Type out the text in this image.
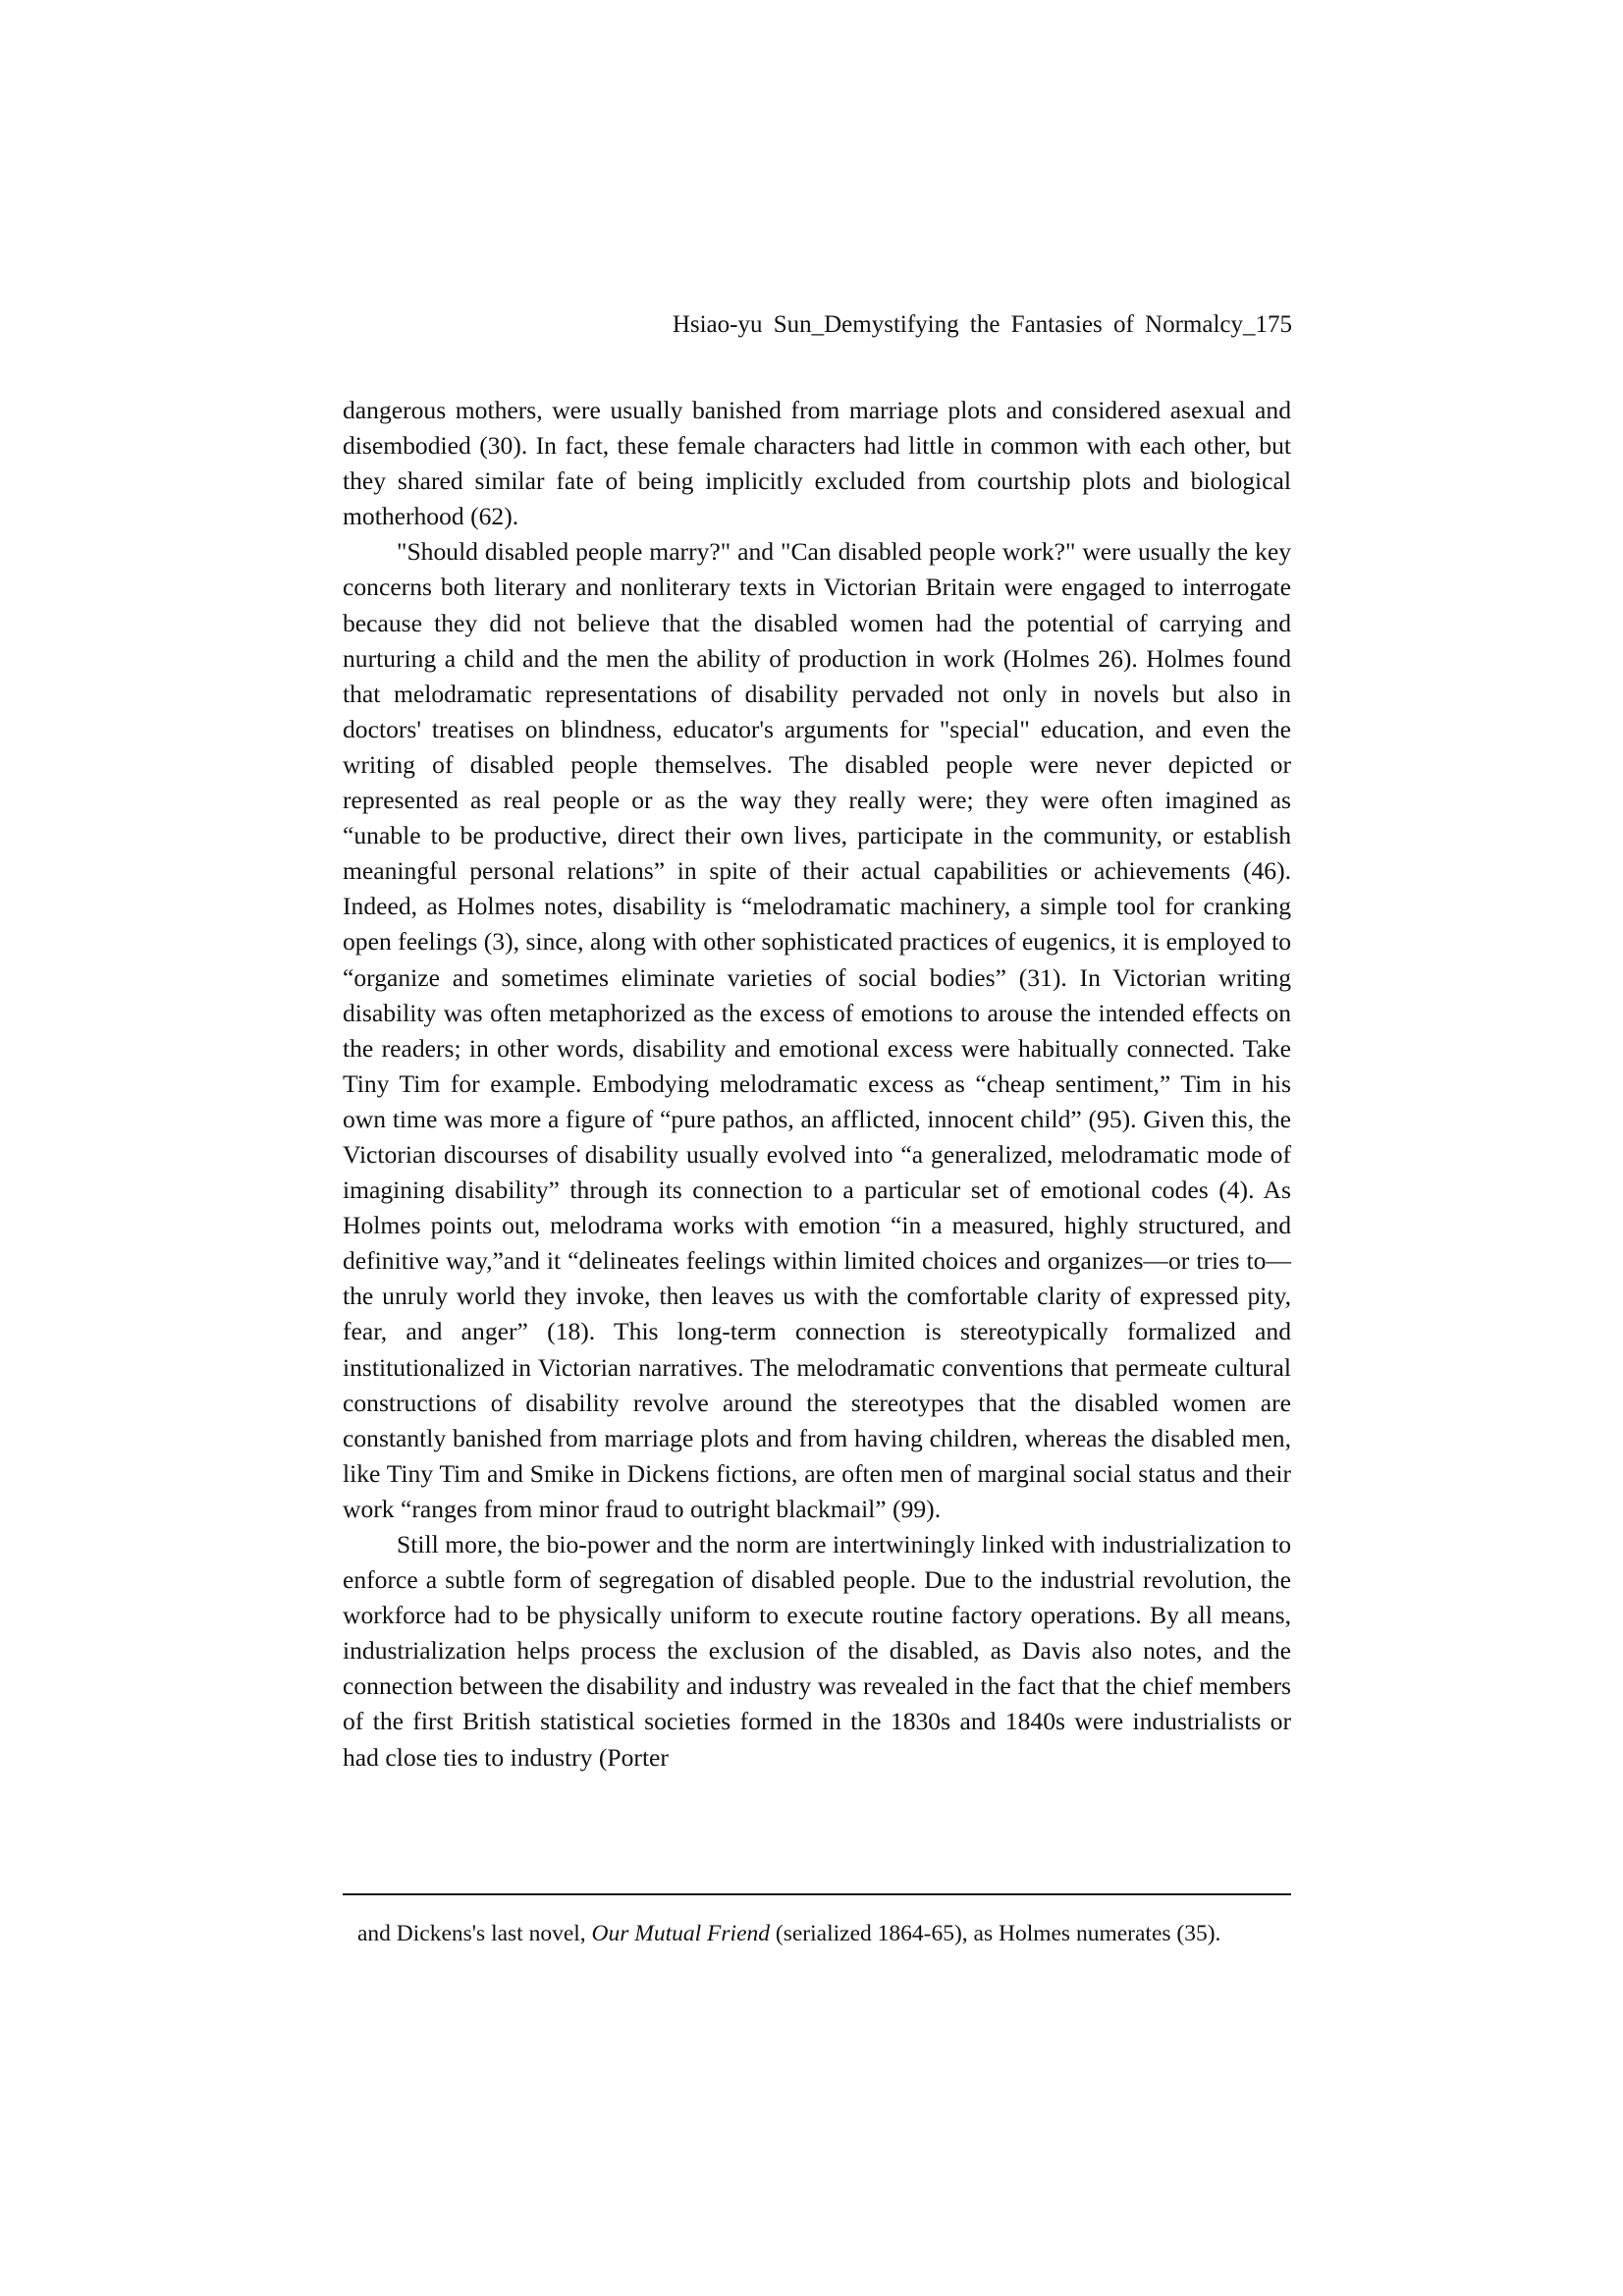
Hsiao-yu Sun_Demystifying the Fantasies of Normalcy_175

dangerous mothers, were usually banished from marriage plots and considered asexual and disembodied (30). In fact, these female characters had little in common with each other, but they shared similar fate of being implicitly excluded from courtship plots and biological motherhood (62).

"Should disabled people marry?" and "Can disabled people work?" were usually the key concerns both literary and nonliterary texts in Victorian Britain were engaged to interrogate because they did not believe that the disabled women had the potential of carrying and nurturing a child and the men the ability of production in work (Holmes 26). Holmes found that melodramatic representations of disability pervaded not only in novels but also in doctors' treatises on blindness, educator's arguments for "special" education, and even the writing of disabled people themselves. The disabled people were never depicted or represented as real people or as the way they really were; they were often imagined as “unable to be productive, direct their own lives, participate in the community, or establish meaningful personal relations” in spite of their actual capabilities or achievements (46). Indeed, as Holmes notes, disability is “melodramatic machinery, a simple tool for cranking open feelings (3), since, along with other sophisticated practices of eugenics, it is employed to “organize and sometimes eliminate varieties of social bodies” (31). In Victorian writing disability was often metaphorized as the excess of emotions to arouse the intended effects on the readers; in other words, disability and emotional excess were habitually connected. Take Tiny Tim for example. Embodying melodramatic excess as “cheap sentiment,” Tim in his own time was more a figure of “pure pathos, an afflicted, innocent child” (95). Given this, the Victorian discourses of disability usually evolved into “a generalized, melodramatic mode of imagining disability” through its connection to a particular set of emotional codes (4). As Holmes points out, melodrama works with emotion “in a measured, highly structured, and definitive way,”and it “delineates feelings within limited choices and organizes—or tries to—the unruly world they invoke, then leaves us with the comfortable clarity of expressed pity, fear, and anger” (18). This long-term connection is stereotypically formalized and institutionalized in Victorian narratives. The melodramatic conventions that permeate cultural constructions of disability revolve around the stereotypes that the disabled women are constantly banished from marriage plots and from having children, whereas the disabled men, like Tiny Tim and Smike in Dickens fictions, are often men of marginal social status and their work “ranges from minor fraud to outright blackmail” (99).

Still more, the bio-power and the norm are intertwiningly linked with industrialization to enforce a subtle form of segregation of disabled people. Due to the industrial revolution, the workforce had to be physically uniform to execute routine factory operations. By all means, industrialization helps process the exclusion of the disabled, as Davis also notes, and the connection between the disability and industry was revealed in the fact that the chief members of the first British statistical societies formed in the 1830s and 1840s were industrialists or had close ties to industry (Porter

and Dickens's last novel, Our Mutual Friend (serialized 1864-65), as Holmes numerates (35).
